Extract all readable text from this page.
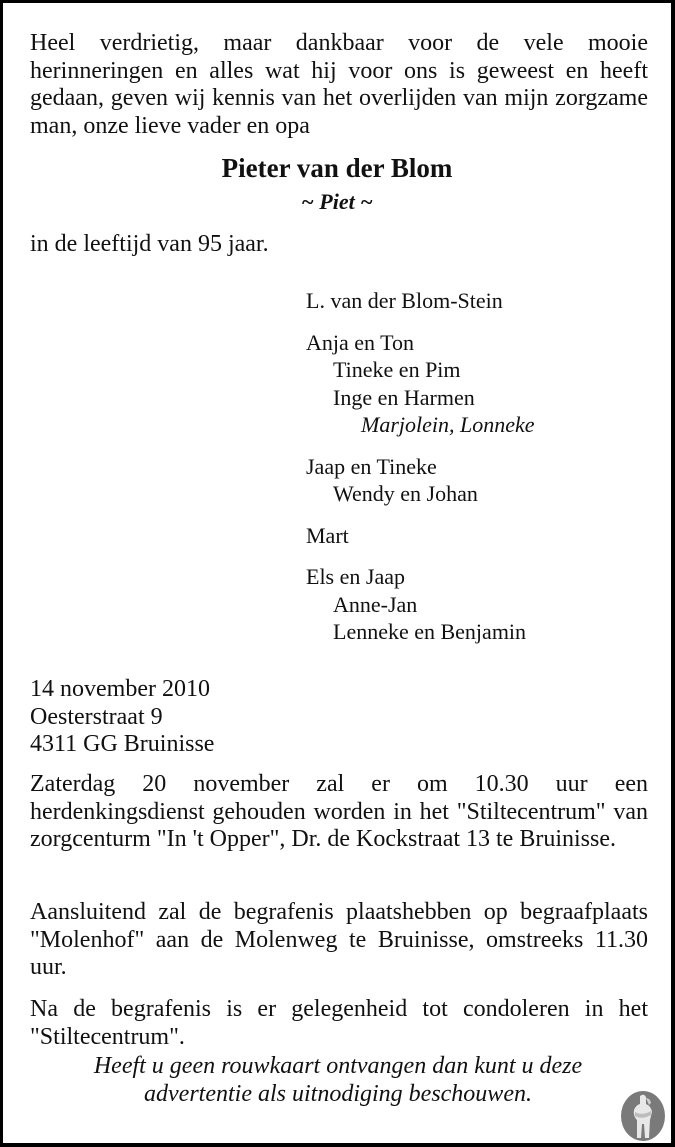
Heel verdrietig, maar dankbaar voor de vele mooie herinneringen en alles wat hij voor ons is geweest en heeft gedaan, geven wij kennis van het overlijden van mijn zorgzame man, onze lieve vader en opa
Pieter van der Blom
~ Piet ~
in de leeftijd van 95 jaar.
L. van der Blom-Stein
Anja en Ton
Tineke en Pim
Inge en Harmen
Marjolein, Lonneke
Jaap en Tineke
Wendy en Johan
Mart
Els en Jaap
Anne-Jan
Lenneke en Benjamin
14 november 2010
Oesterstraat 9
4311 GG Bruinisse
Zaterdag 20 november zal er om 10.30 uur een herdenkingsdienst gehouden worden in het "Stiltecentrum" van zorgcenturm "In 't Opper", Dr. de Kockstraat 13 te Bruinisse.
Aansluitend zal de begrafenis plaatshebben op begraafplaats "Molenhof" aan de Molenweg te Bruinisse, omstreeks 11.30 uur.
Na de begrafenis is er gelegenheid tot condoleren in het "Stiltecentrum".
Heeft u geen rouwkaart ontvangen dan kunt u deze advertentie als uitnodiging beschouwen.
